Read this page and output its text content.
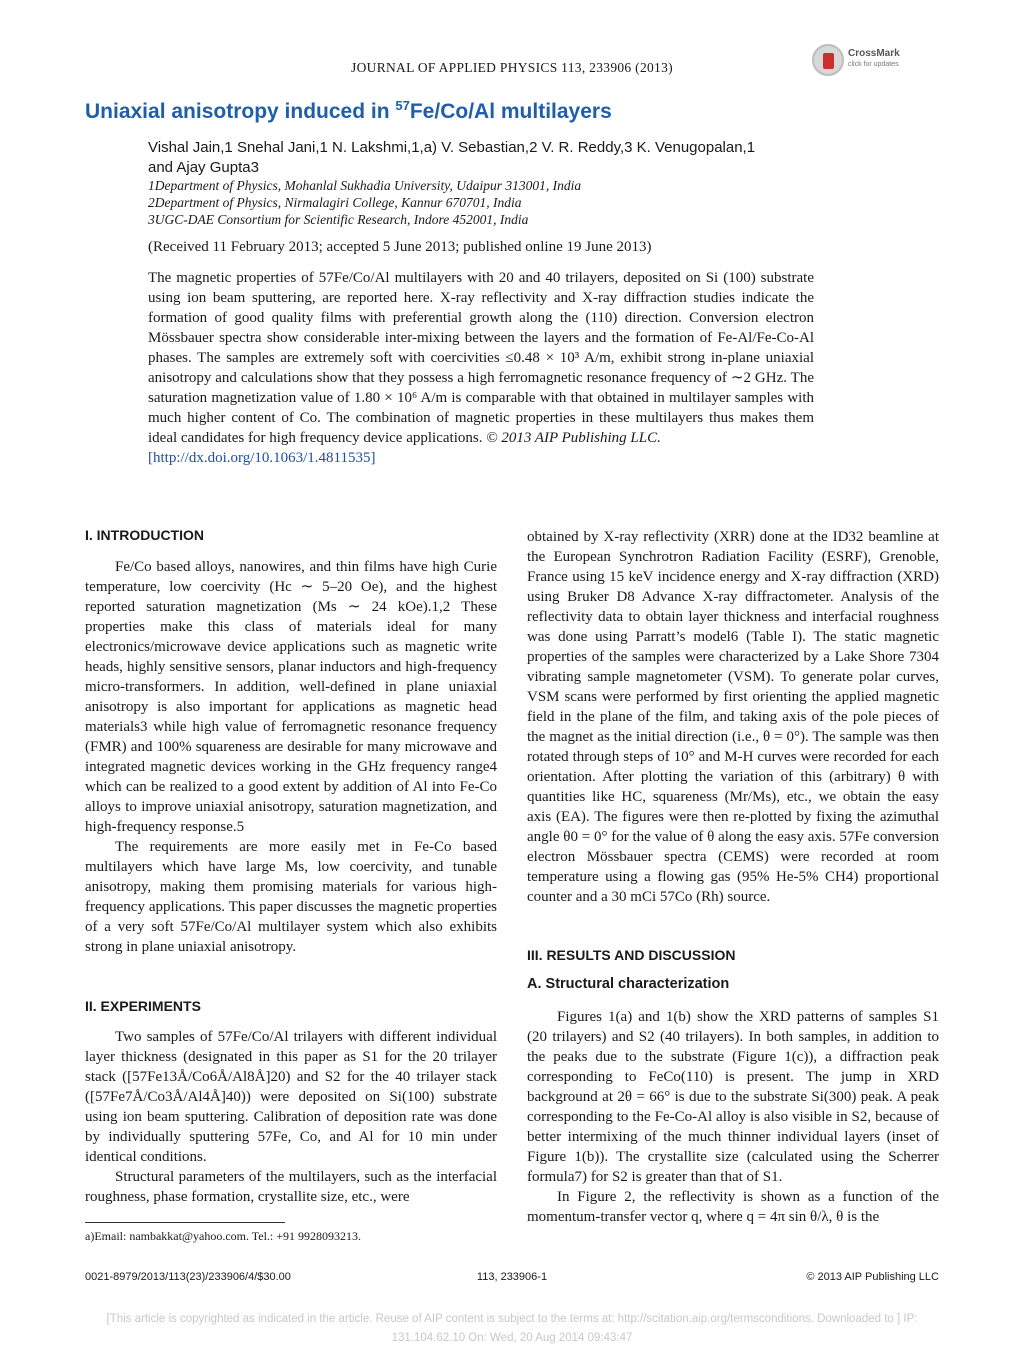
JOURNAL OF APPLIED PHYSICS 113, 233906 (2013)
CrossMark
click for updates
Uniaxial anisotropy induced in $^{57}$Fe/Co/Al multilayers
Vishal Jain,1 Snehal Jani,1 N. Lakshmi,1,a) V. Sebastian,2 V. R. Reddy,3 K. Venugopalan,1
and Ajay Gupta3
1Department of Physics, Mohanlal Sukhadia University, Udaipur 313001, India
2Department of Physics, Nirmalagiri College, Kannur 670701, India
3UGC-DAE Consortium for Scientific Research, Indore 452001, India
(Received 11 February 2013; accepted 5 June 2013; published online 19 June 2013)
The magnetic properties of 57Fe/Co/Al multilayers with 20 and 40 trilayers, deposited on Si (100) substrate using ion beam sputtering, are reported here. X-ray reflectivity and X-ray diffraction studies indicate the formation of good quality films with preferential growth along the (110) direction. Conversion electron Mössbauer spectra show considerable inter-mixing between the layers and the formation of Fe-Al/Fe-Co-Al phases. The samples are extremely soft with coercivities ≤0.48 × 10³ A/m, exhibit strong in-plane uniaxial anisotropy and calculations show that they possess a high ferromagnetic resonance frequency of ∼2 GHz. The saturation magnetization value of 1.80 × 10⁶ A/m is comparable with that obtained in multilayer samples with much higher content of Co. The combination of magnetic properties in these multilayers thus makes them ideal candidates for high frequency device applications. © 2013 AIP Publishing LLC.
[http://dx.doi.org/10.1063/1.4811535]
I. INTRODUCTION

Fe/Co based alloys, nanowires, and thin films have high Curie temperature, low coercivity (Hc ∼ 5–20 Oe), and the highest reported saturation magnetization (Ms ∼ 24 kOe).1,2 These properties make this class of materials ideal for many electronics/microwave device applications such as magnetic write heads, highly sensitive sensors, planar inductors and high-frequency micro-transformers. In addition, well-defined in plane uniaxial anisotropy is also important for applications as magnetic head materials3 while high value of ferromagnetic resonance frequency (FMR) and 100% squareness are desirable for many microwave and integrated magnetic devices working in the GHz frequency range4 which can be realized to a good extent by addition of Al into Fe-Co alloys to improve uniaxial anisotropy, saturation magnetization, and high-frequency response.5

The requirements are more easily met in Fe-Co based multilayers which have large Ms, low coercivity, and tunable anisotropy, making them promising materials for various high-frequency applications. This paper discusses the magnetic properties of a very soft 57Fe/Co/Al multilayer system which also exhibits strong in plane uniaxial anisotropy.

II. EXPERIMENTS

Two samples of 57Fe/Co/Al trilayers with different individual layer thickness (designated in this paper as S1 for the 20 trilayer stack ([57Fe13Å/Co6Å/Al8Å]20) and S2 for the 40 trilayer stack ([57Fe7Å/Co3Å/Al4Å]40)) were deposited on Si(100) substrate using ion beam sputtering. Calibration of deposition rate was done by individually sputtering 57Fe, Co, and Al for 10 min under identical conditions.

Structural parameters of the multilayers, such as the interfacial roughness, phase formation, crystallite size, etc., were

a)Email: nambakkat@yahoo.com. Tel.: +91 9928093213.

obtained by X-ray reflectivity (XRR) done at the ID32 beamline at the European Synchrotron Radiation Facility (ESRF), Grenoble, France using 15 keV incidence energy and X-ray diffraction (XRD) using Bruker D8 Advance X-ray diffractometer. Analysis of the reflectivity data to obtain layer thickness and interfacial roughness was done using Parratt’s model6 (Table I). The static magnetic properties of the samples were characterized by a Lake Shore 7304 vibrating sample magnetometer (VSM). To generate polar curves, VSM scans were performed by first orienting the applied magnetic field in the plane of the film, and taking axis of the pole pieces of the magnet as the initial direction (i.e., θ = 0°). The sample was then rotated through steps of 10° and M-H curves were recorded for each orientation. After plotting the variation of this (arbitrary) θ with quantities like HC, squareness (Mr/Ms), etc., we obtain the easy axis (EA). The figures were then re-plotted by fixing the azimuthal angle θ0 = 0° for the value of θ along the easy axis. 57Fe conversion electron Mössbauer spectra (CEMS) were recorded at room temperature using a flowing gas (95% He-5% CH4) proportional counter and a 30 mCi 57Co (Rh) source.

III. RESULTS AND DISCUSSION
A. Structural characterization

Figures 1(a) and 1(b) show the XRD patterns of samples S1 (20 trilayers) and S2 (40 trilayers). In both samples, in addition to the peaks due to the substrate (Figure 1(c)), a diffraction peak corresponding to FeCo(110) is present. The jump in XRD background at 2θ = 66° is due to the substrate Si(300) peak. A peak corresponding to the Fe-Co-Al alloy is also visible in S2, because of better intermixing of the much thinner individual layers (inset of Figure 1(b)). The crystallite size (calculated using the Scherrer formula7) for S2 is greater than that of S1.

In Figure 2, the reflectivity is shown as a function of the momentum-transfer vector q, where q = 4π sin θ/λ, θ is the

0021-8979/2013/113(23)/233906/4/$30.00	113, 233906-1	© 2013 AIP Publishing LLC
[This article is copyrighted as indicated in the article. Reuse of AIP content is subject to the terms at: http://scitation.aip.org/termsconditions. Downloaded to ] IP:
131.104.62.10 On: Wed, 20 Aug 2014 09:43:47
